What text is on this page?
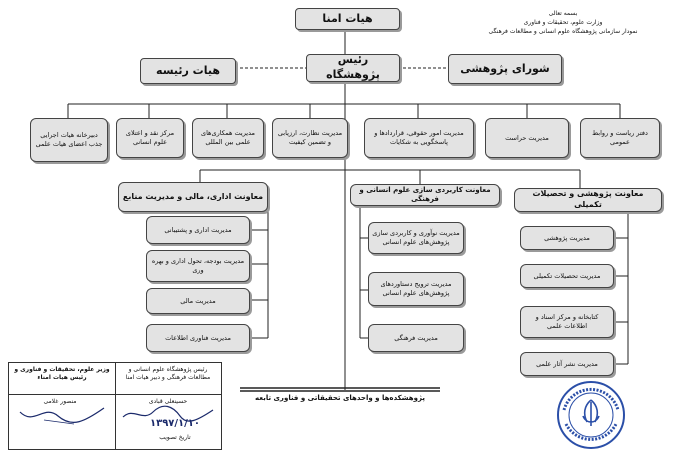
بسمه تعالی
وزارت علوم، تحقیقات و فناوری
نمودار سازمانی پژوهشگاه علوم انسانی و مطالعات فرهنگی
هیات امنا
رئیس پژوهشگاه
هیات رئیسه	شورای پژوهشی
دبیرخانه هیات اجرایی جذب اعضای هیات علمی
مرکز نقد و اعتلای علوم انسانی
مدیریت همکاری‌های علمی بین المللی
مدیریت نظارت، ارزیابی و تضمین کیفیت
مدیریت امور حقوقی، قراردادها و پاسخگویی به شکایات
مدیریت حراست
دفتر ریاست و روابط عمومی
معاونت اداری، مالی و مدیریت منابع
مدیریت اداری و پشتیبانی
مدیریت بودجه، تحول اداری و بهره وری
مدیریت مالی
مدیریت فناوری اطلاعات
معاونت کاربردی سازی علوم انسانی و فرهنگی
مدیریت نوآوری و کاربردی سازی پژوهش‌های علوم انسانی
مدیریت ترویج دستاوردهای پژوهش‌های علوم انسانی
مدیریت فرهنگی
معاونت پژوهشی و تحصیلات تکمیلی
مدیریت پژوهشی
مدیریت تحصیلات تکمیلی
کتابخانه و مرکز اسناد و اطلاعات علمی
مدیریت نشر آثار علمی
پژوهشکده‌ها و واحدهای تحقیقاتی و فناوری تابعه
رئیس پژوهشگاه علوم انسانی و مطالعات فرهنگی و دبیر هیات امنا
وزیر علوم، تحقیقات و فناوری و رئیس هیات امناء
حسینعلی قبادی
منصور غلامی
۱۳۹۷/۱/۱۰
تاریخ تصویب
